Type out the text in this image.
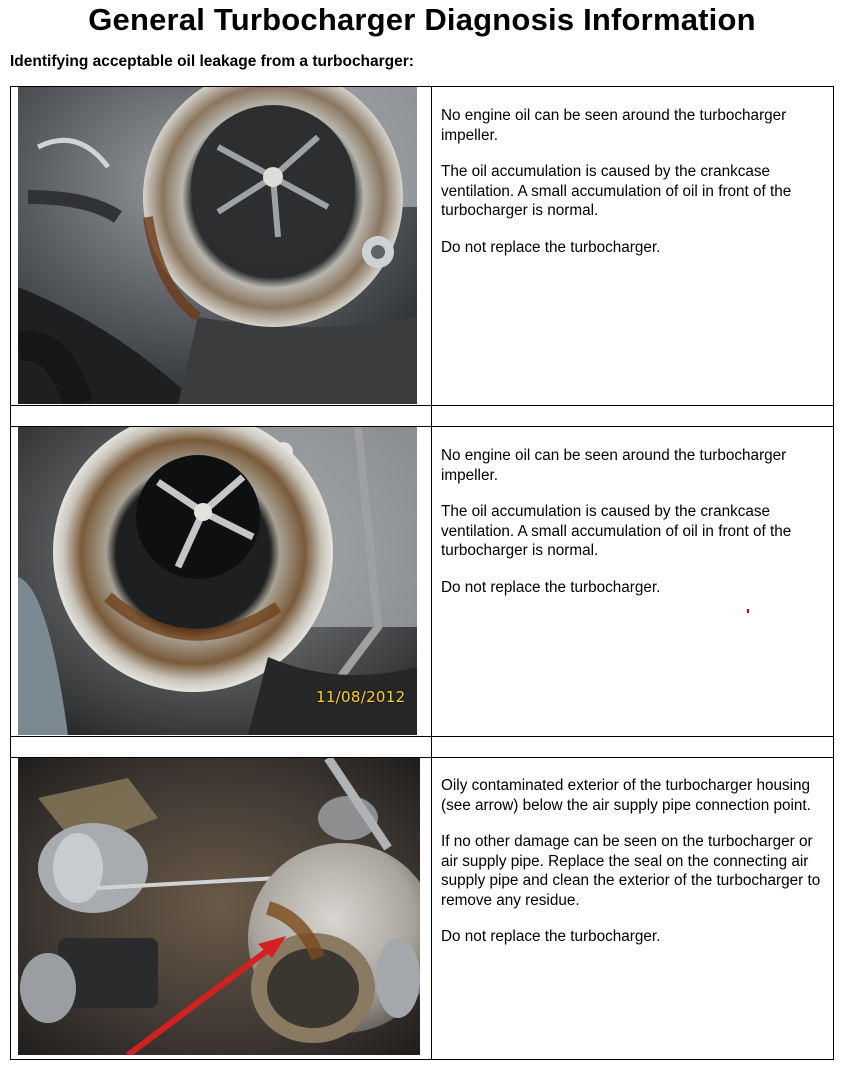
General Turbocharger Diagnosis Information
Identifying acceptable oil leakage from a turbocharger:

No engine oil can be seen around the turbocharger impeller.

The oil accumulation is caused by the crankcase ventilation. A small accumulation of oil in front of the turbocharger is normal.

Do not replace the turbocharger.

11/08/2012

No engine oil can be seen around the turbocharger impeller.

The oil accumulation is caused by the crankcase ventilation. A small accumulation of oil in front of the turbocharger is normal.

Do not replace the turbocharger.

Oily contaminated exterior of the turbocharger housing (see arrow) below the air supply pipe connection point.

If no other damage can be seen on the turbocharger or air supply pipe. Replace the seal on the connecting air supply pipe and clean the exterior of the turbocharger to remove any residue.

Do not replace the turbocharger.
